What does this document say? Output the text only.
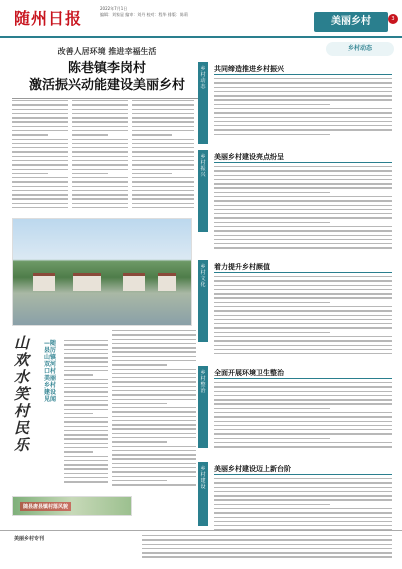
随州日报
2022年7月1日
编辑：刘家显 编审：刘丹 校对：程华 排版：陈莉
美丽乡村	3
改善人居环境 推进幸福生活
陈巷镇李岗村
激活振兴动能建设美丽乡村
山欢水笑村民乐
—随县厉山镇双河口村美丽乡村建设见闻
随县唐县镇村落风貌
乡村动态
乡
村
动
态
共同缔造推进乡村振兴
乡
村
振
兴
美丽乡村建设亮点纷呈
乡
村
文
化
着力提升乡村颜值
乡
村
整
治
全面开展环境卫生整治
乡
村
建
设
美丽乡村建设迈上新台阶
美丽乡村专刊
